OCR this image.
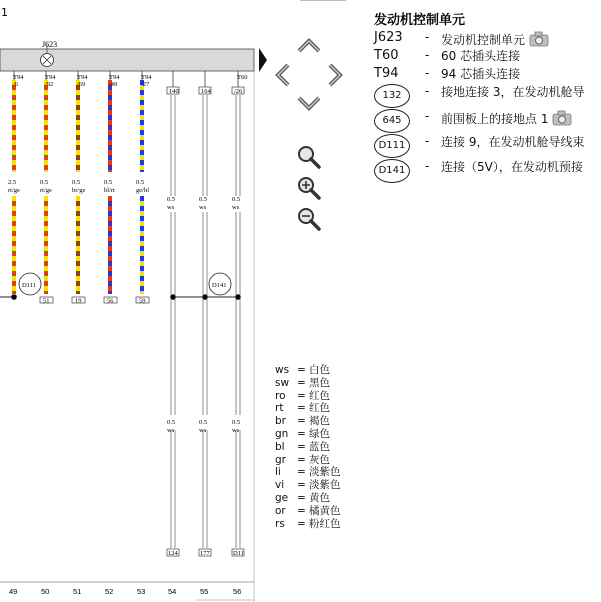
1
J623
D111	D141
T94
/6
2.5
rt/ge
49
T94
/92
0.5
rt/ge
51
50
T94
/69
0.5
br/ge
19
51
T94
/49
0.5
bl/rt
56
52
T94
/27
0.5
ge/bl
59
53
140
0.5
ws
124
54
164
0.5
ws
177
55
T60
/26
0.5
ws
D11
56
0.5
ws
0.5
ws
0.5
ws
发动机控制单元
J623 - 发动机控制单元
T60 - 60 芯插头连接
T94 - 94 芯插头连接
132	- 接地连接 3，在发动机舱导
645	- 前围板上的接地点 1
D111	- 连接 9，在发动机舱导线束
D141	- 连接（5V），在发动机预接
ws = 白色
sw = 黑色
ro	= 红色
rt	= 红色
br	= 褐色
gn = 绿色
bl	= 蓝色
gr	= 灰色
li	= 淡紫色
vi	= 淡紫色
ge = 黄色
or	= 橘黄色
rs	= 粉红色
